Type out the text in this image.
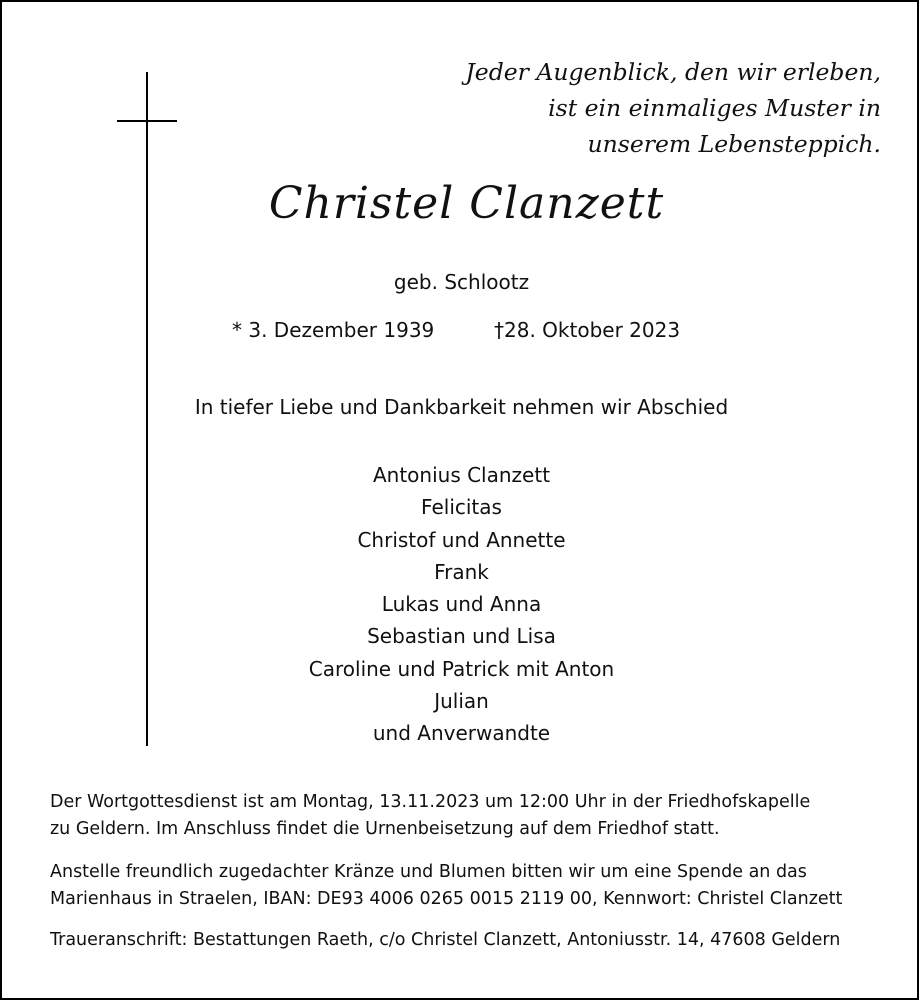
Jeder Augenblick, den wir erleben,
ist ein einmaliges Muster in
unserem Lebensteppich.
Christel Clanzett
geb. Schlootz
* 3. Dezember 1939	†28. Oktober 2023
In tiefer Liebe und Dankbarkeit nehmen wir Abschied
Antonius Clanzett
Felicitas
Christof und Annette
Frank
Lukas und Anna
Sebastian und Lisa
Caroline und Patrick mit Anton
Julian
und Anverwandte
Der Wortgottesdienst ist am Montag, 13.11.2023 um 12:00 Uhr in der Friedhofskapelle
zu Geldern. Im Anschluss findet die Urnenbeisetzung auf dem Friedhof statt.
Anstelle freundlich zugedachter Kränze und Blumen bitten wir um eine Spende an das
Marienhaus in Straelen, IBAN: DE93 4006 0265 0015 2119 00, Kennwort: Christel Clanzett
Traueranschrift: Bestattungen Raeth, c/o Christel Clanzett, Antoniusstr. 14, 47608 Geldern
